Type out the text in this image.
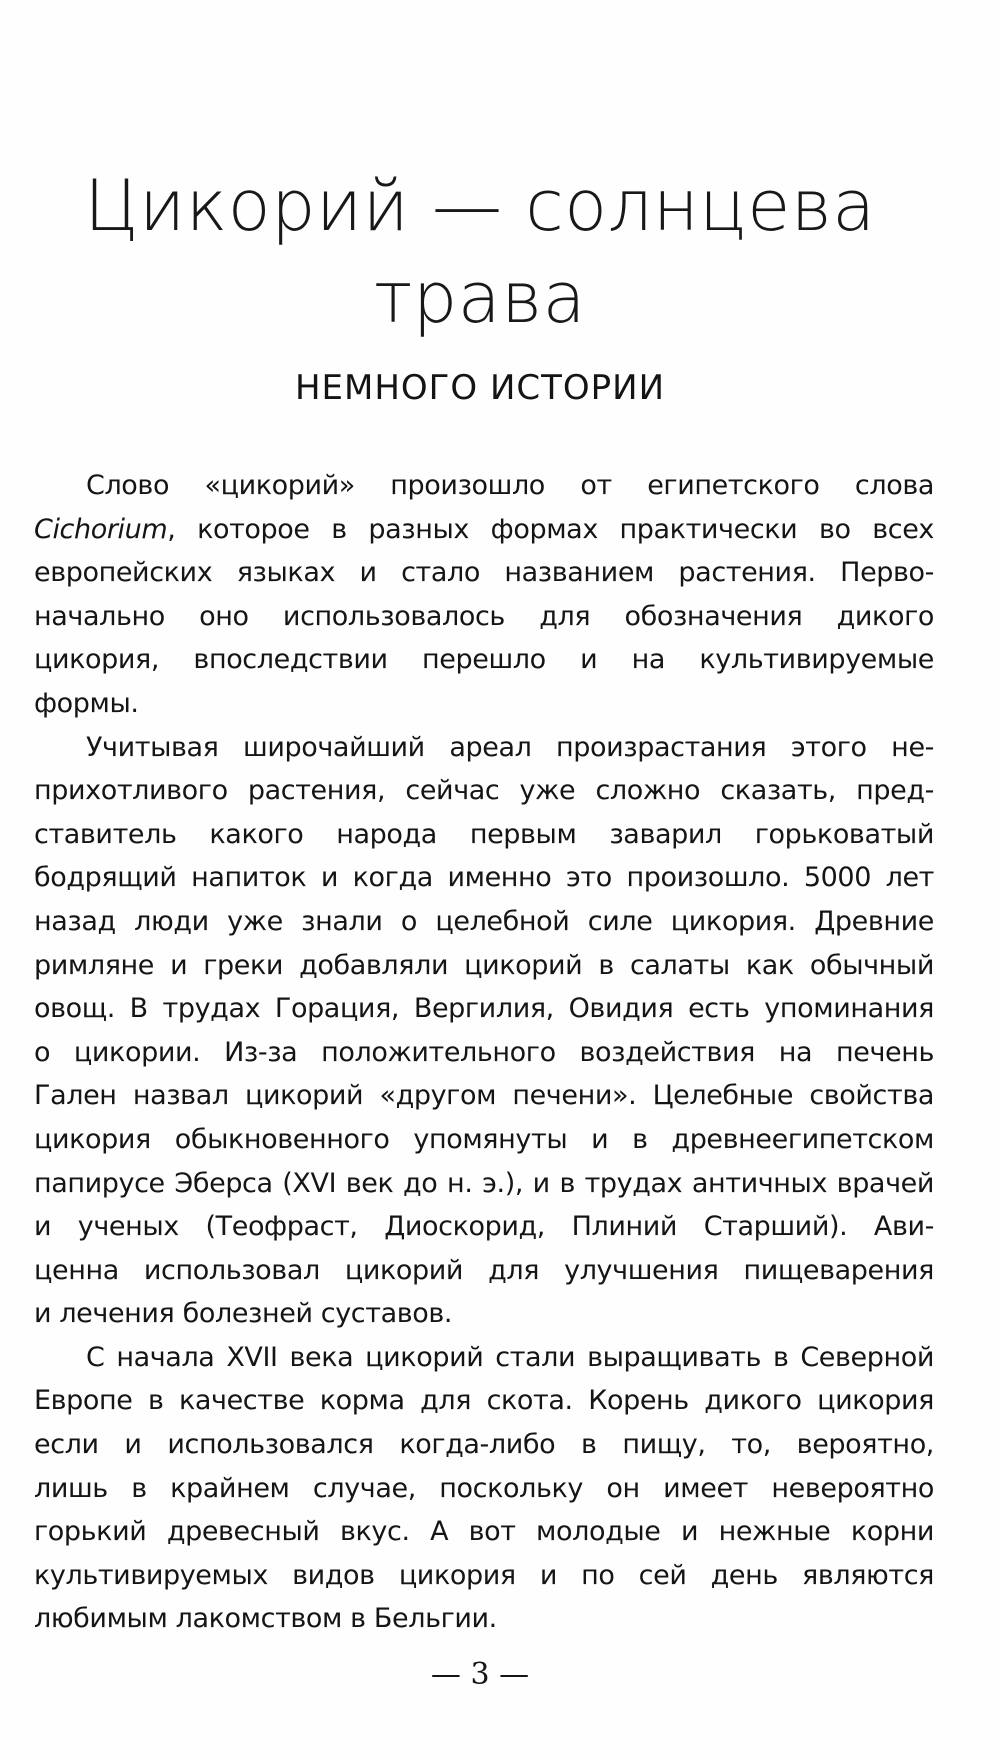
Цикорий — солнцева
трава
НЕМНОГО ИСТОРИИ
Слово «цикорий» произошло от египетского слова
Cichorium, которое в разных формах практически во всех
европейских языках и стало названием растения. Перво-
начально оно использовалось для обозначения дикого
цикория, впоследствии перешло и на культивируемые
формы.
Учитывая широчайший ареал произрастания этого не-
прихотливого растения, сейчас уже сложно сказать, пред-
ставитель какого народа первым заварил горьковатый
бодрящий напиток и когда именно это произошло. 5000 лет
назад люди уже знали о целебной силе цикория. Древние
римляне и греки добавляли цикорий в салаты как обычный
овощ. В трудах Горация, Вергилия, Овидия есть упоминания
о цикории. Из-за положительного воздействия на печень
Гален назвал цикорий «другом печени». Целебные свойства
цикория обыкновенного упомянуты и в древнеегипетском
папирусе Эберса (XVI век до н. э.), и в трудах античных врачей
и ученых (Теофраст, Диоскорид, Плиний Старший). Ави-
ценна использовал цикорий для улучшения пищеварения
и лечения болезней суставов.
С начала XVII века цикорий стали выращивать в Северной
Европе в качестве корма для скота. Корень дикого цикория
если и использовался когда-либо в пищу, то, вероятно,
лишь в крайнем случае, поскольку он имеет невероятно
горький древесный вкус. А вот молодые и нежные корни
культивируемых видов цикория и по сей день являются
любимым лакомством в Бельгии.
— 3 —
